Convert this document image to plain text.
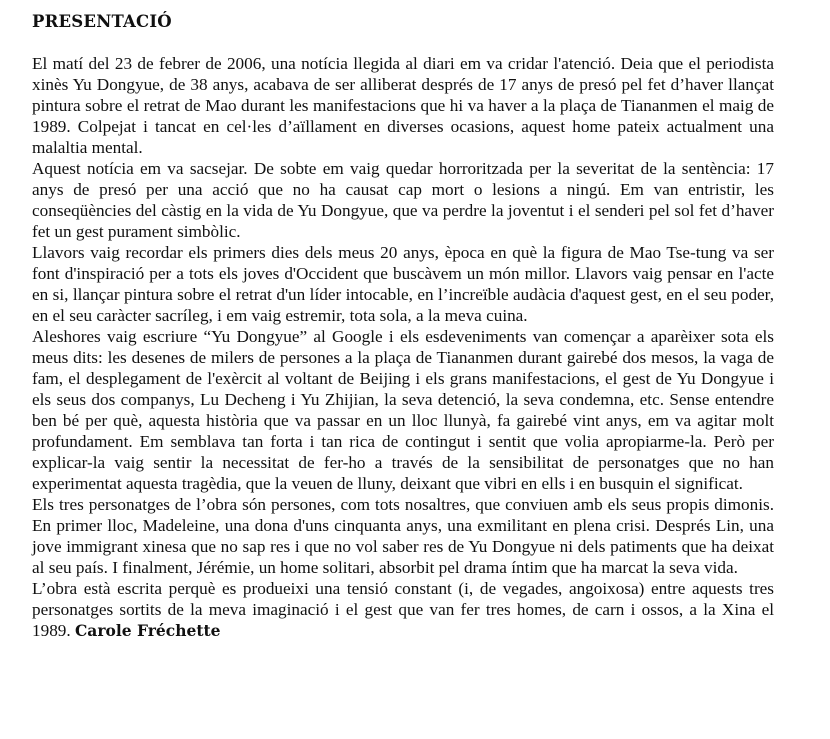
PRESENTACIÓ

El matí del 23 de febrer de 2006, una notícia llegida al diari em va cridar l'atenció. Deia que el periodista xinès Yu Dongyue, de 38 anys, acabava de ser alliberat després de 17 anys de presó pel fet d’haver llançat pintura sobre el retrat de Mao durant les manifestacions que hi va haver a la plaça de Tiananmen el maig de 1989. Colpejat i tancat en cel·les d’aïllament en diverses ocasions, aquest home pateix actualment una malaltia mental.

Aquest notícia em va sacsejar. De sobte em vaig quedar horroritzada per la severitat de la sentència: 17 anys de presó per una acció que no ha causat cap mort o lesions a ningú. Em van entristir, les conseqüències del càstig en la vida de Yu Dongyue, que va perdre la joventut i el senderi pel sol fet d’haver fet un gest purament simbòlic.

Llavors vaig recordar els primers dies dels meus 20 anys, època en què la figura de Mao Tse-tung va ser font d'inspiració per a tots els joves d'Occident que buscàvem un món millor. Llavors vaig pensar en l'acte en si, llançar pintura sobre el retrat d'un líder intocable, en l’increïble audàcia d'aquest gest, en el seu poder, en el seu caràcter sacríleg, i em vaig estremir, tota sola, a la meva cuina.

Aleshores vaig escriure “Yu Dongyue” al Google i els esdeveniments van començar a aparèixer sota els meus dits: les desenes de milers de persones a la plaça de Tiananmen durant gairebé dos mesos, la vaga de fam, el desplegament de l'exèrcit al voltant de Beijing i els grans manifestacions, el gest de Yu Dongyue i els seus dos companys, Lu Decheng i Yu Zhijian, la seva detenció, la seva condemna, etc. Sense entendre ben bé per què, aquesta història que va passar en un lloc llunyà, fa gairebé vint anys, em va agitar molt profundament. Em semblava tan forta i tan rica de contingut i sentit que volia apropiarme-la. Però per explicar-la vaig sentir la necessitat de fer-ho a través de la sensibilitat de personatges que no han experimentat aquesta tragèdia, que la veuen de lluny, deixant que vibri en ells i en busquin el significat.

Els tres personatges de l’obra són persones, com tots nosaltres, que conviuen amb els seus propis dimonis. En primer lloc, Madeleine, una dona d'uns cinquanta anys, una exmilitant en plena crisi. Després Lin, una jove immigrant xinesa que no sap res i que no vol saber res de Yu Dongyue ni dels patiments que ha deixat al seu país. I finalment, Jérémie, un home solitari, absorbit pel drama íntim que ha marcat la seva vida.

L’obra està escrita perquè es produeixi una tensió constant (i, de vegades, angoixosa) entre aquests tres personatges sortits de la meva imaginació i el gest que van fer tres homes, de carn i ossos, a la Xina el 1989. Carole Fréchette
